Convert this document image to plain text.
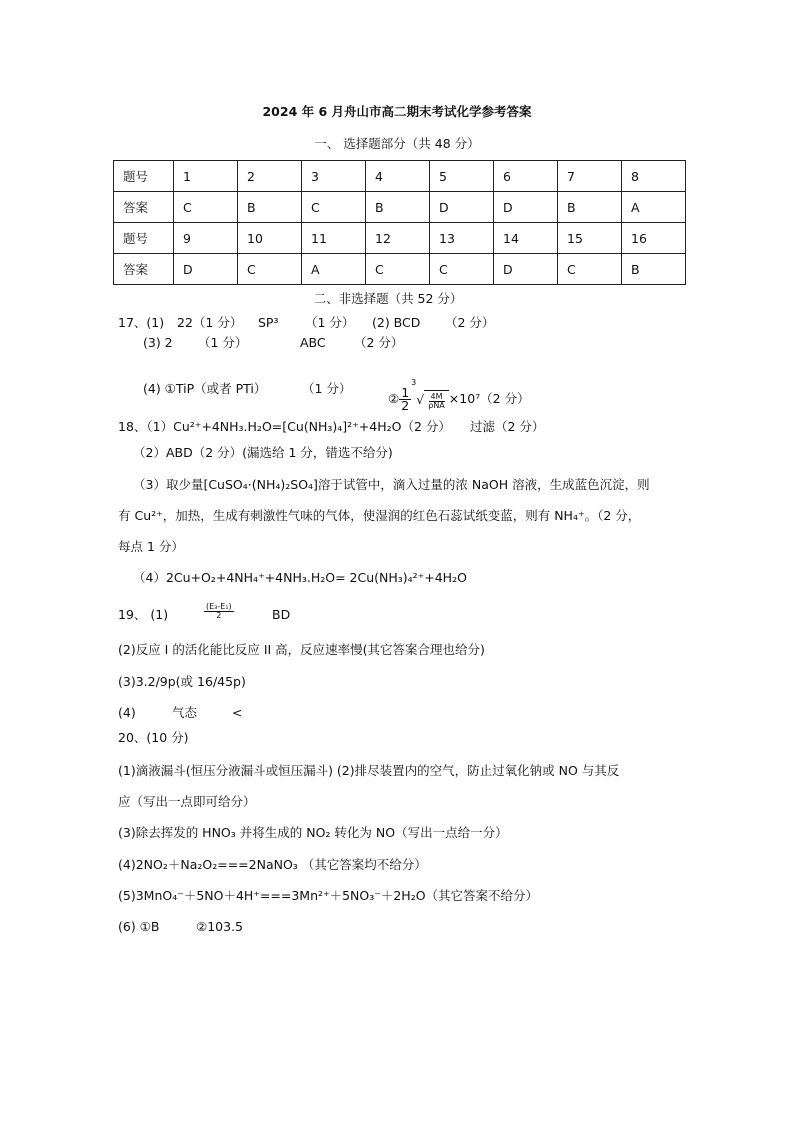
2024 年 6 月舟山市高二期末考试化学参考答案
一、 选择题部分（共 48 分）
题号	1	2	3	4	5	6	7	8
答案	C	B	C	B	D	D	B	A
题号	9	10	11	12	13	14	15	16
答案	D	C	A	C	C	D	C	B
二、非选择题（共 52 分）
17、(1) 22（1 分） SP³ （1 分） (2) BCD （2 分）
(3) 2 （1 分）	ABC （2 分）
(4) ①TiP（或者 PTi）	（1 分）
② $\frac{1}{2}$
$^3√ \frac{4M}{\text{ρNA}} \times 10^7(2$ 分）
18、（1）Cu²⁺+4NH₃.H₂O=[Cu(NH₃)₄]²⁺+4H₂O（2 分） 过滤（2 分）
（2）ABD（2 分）(漏选给 1 分，错选不给分)
（3）取少量[CuSO₄·(NH₄)₂SO₄]溶于试管中，滴入过量的浓 NaOH 溶液，生成蓝色沉淀，则
有 Cu²⁺，加热，生成有刺激性气味的气体，使湿润的红色石蕊试纸变蓝，则有 NH₄⁺。（2 分，
每点 1 分）
（4）2Cu+O₂+4NH₄⁺+4NH₃.H₂O= 2Cu(NH₃)₄²⁺+4H₂O
19、 (1)	$\frac{\text{(E₃-E₁)}}{2}$	BD
(2)反应 I 的活化能比反应 II 高，反应速率慢(其它答案合理也给分)
(3)3.2/9p(或 16/45p)
(4)	气态	<
20、(10 分)
(1)滴液漏斗(恒压分液漏斗或恒压漏斗) (2)排尽装置内的空气，防止过氧化钠或 NO 与其反
应（写出一点即可给分）
(3)除去挥发的 HNO₃ 并将生成的 NO₂ 转化为 NO（写出一点给一分）
(4)2NO₂＋Na₂O₂===2NaNO₃ （其它答案均不给分）
(5)3MnO₄⁻＋5NO＋4H⁺===3Mn²⁺＋5NO₃⁻＋2H₂O（其它答案不给分）
(6) ①B	②103.5
